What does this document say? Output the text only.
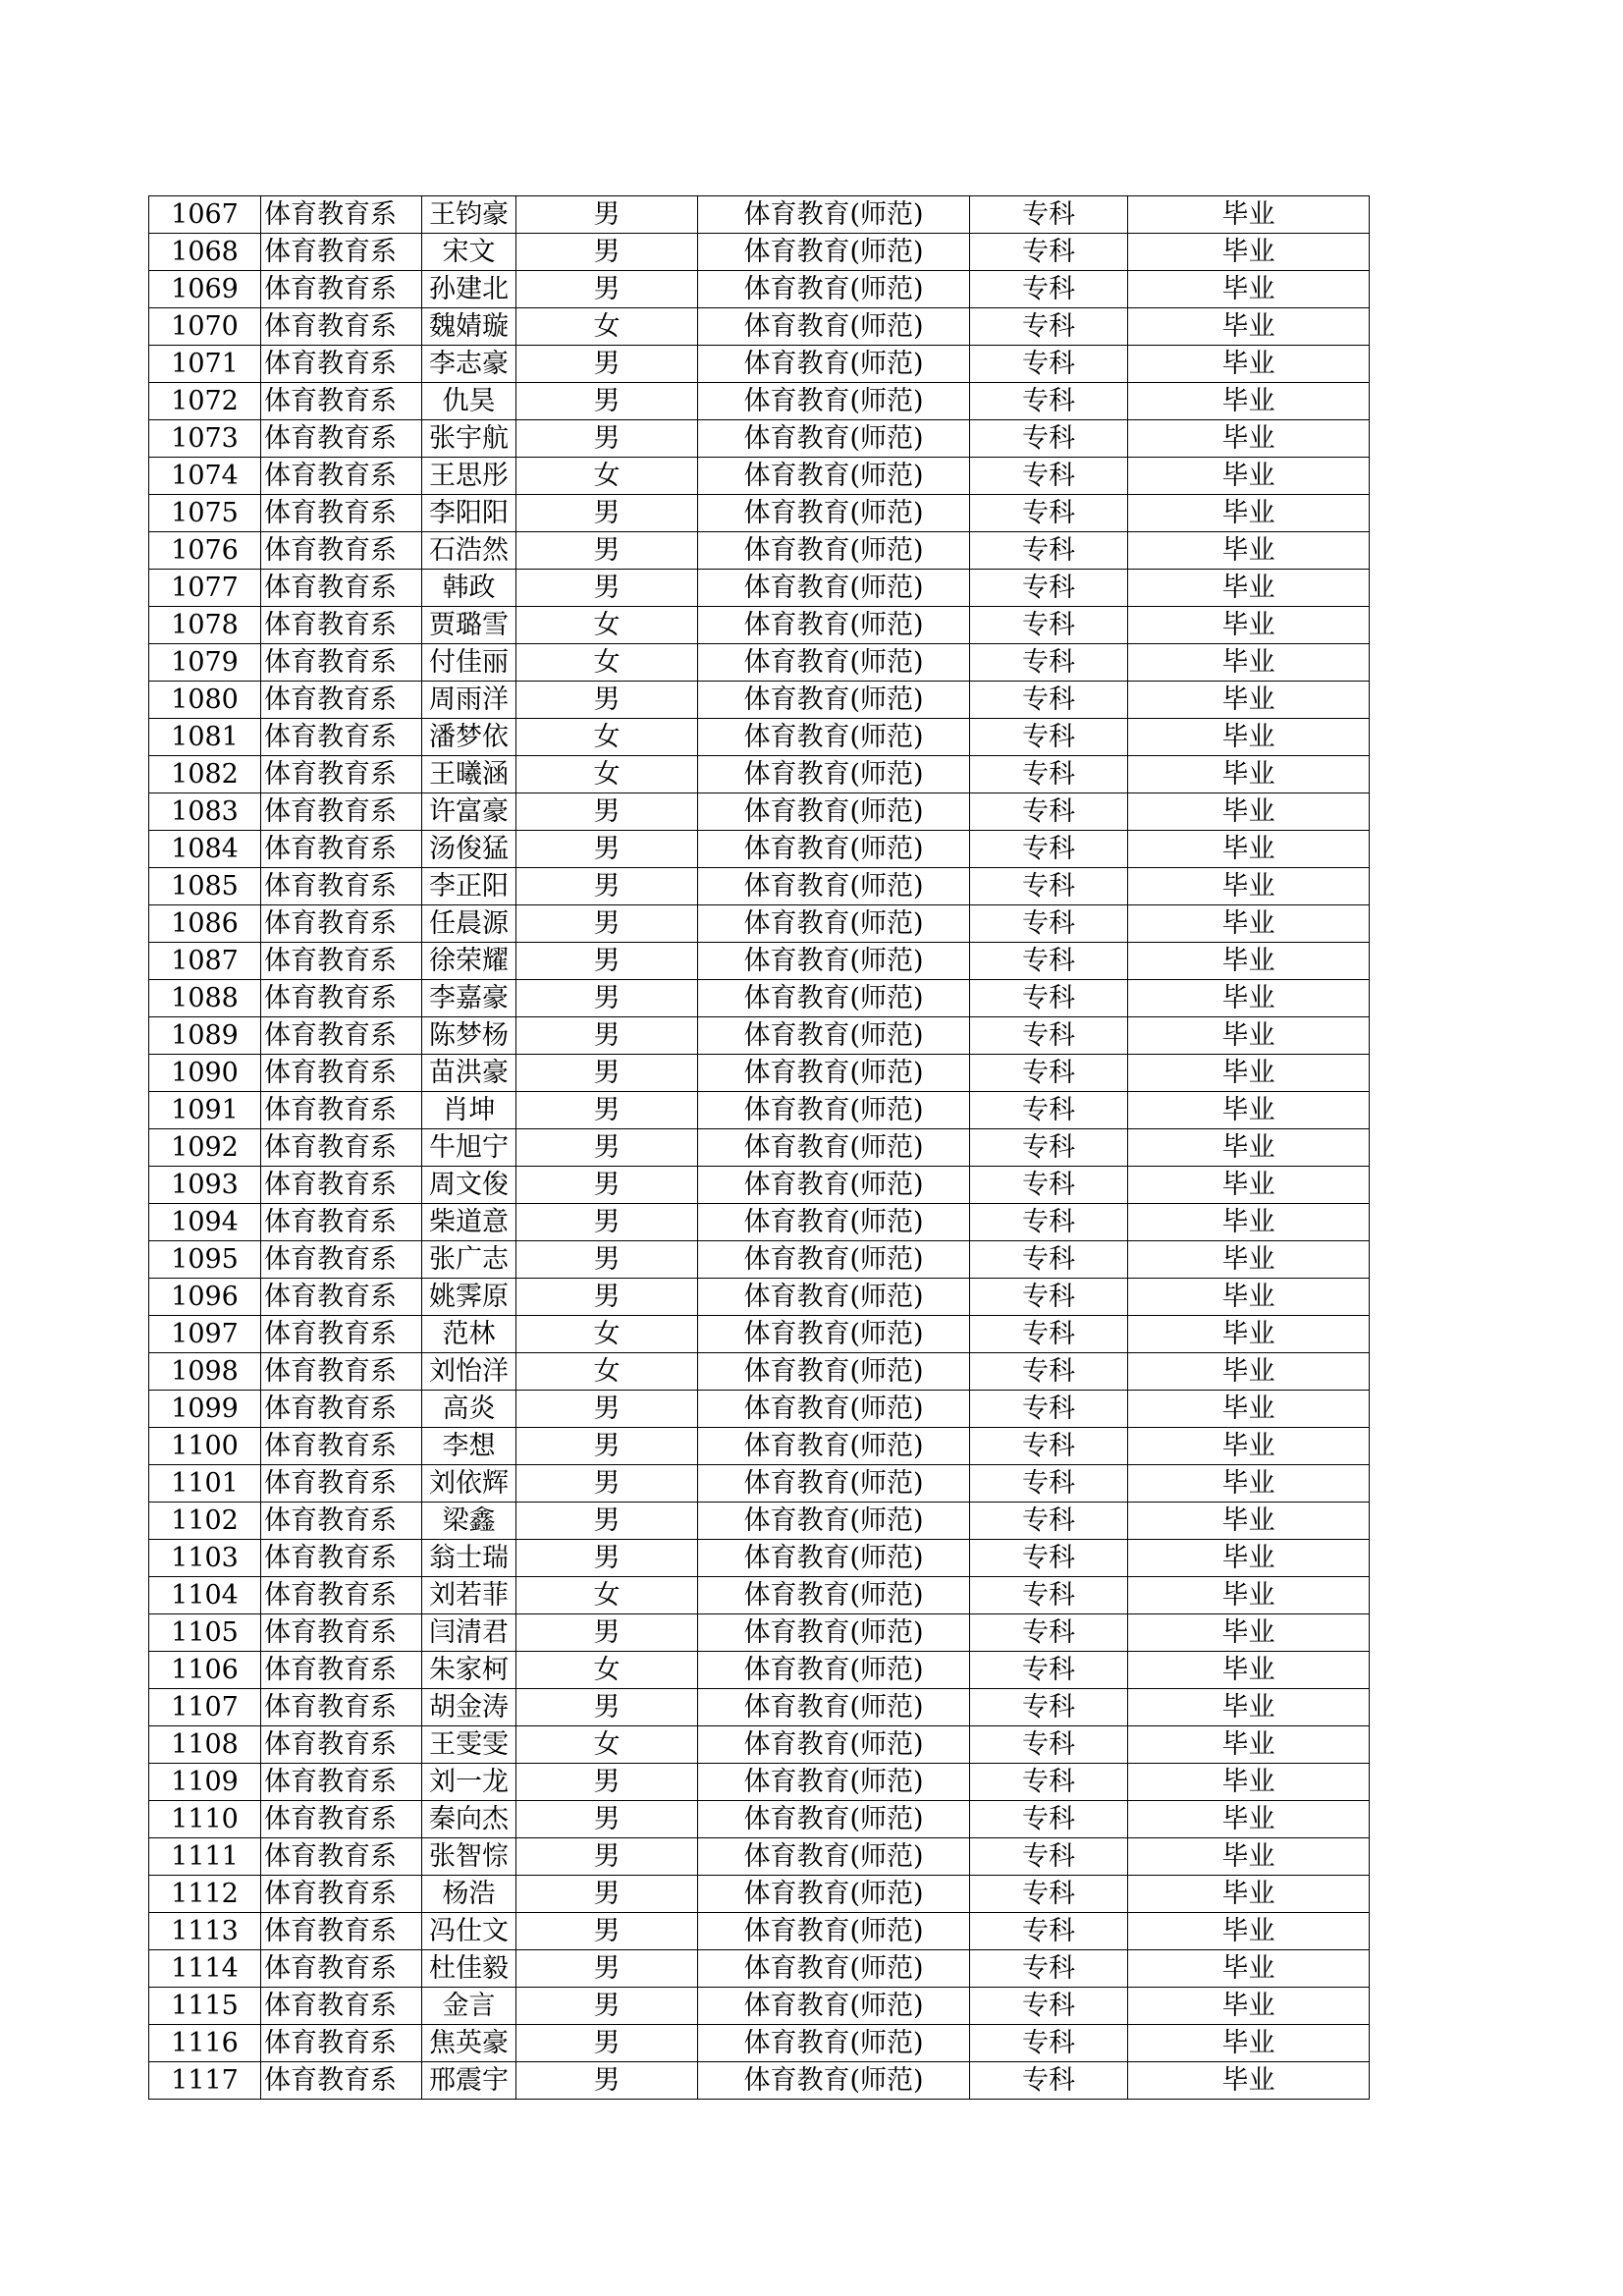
1067	体育教育系	王钧豪	男	体育教育(师范)	专科	毕业
1068	体育教育系	宋文	男	体育教育(师范)	专科	毕业
1069	体育教育系	孙建北	男	体育教育(师范)	专科	毕业
1070	体育教育系	魏婧璇	女	体育教育(师范)	专科	毕业
1071	体育教育系	李志豪	男	体育教育(师范)	专科	毕业
1072	体育教育系	仇昊	男	体育教育(师范)	专科	毕业
1073	体育教育系	张宇航	男	体育教育(师范)	专科	毕业
1074	体育教育系	王思彤	女	体育教育(师范)	专科	毕业
1075	体育教育系	李阳阳	男	体育教育(师范)	专科	毕业
1076	体育教育系	石浩然	男	体育教育(师范)	专科	毕业
1077	体育教育系	韩政	男	体育教育(师范)	专科	毕业
1078	体育教育系	贾璐雪	女	体育教育(师范)	专科	毕业
1079	体育教育系	付佳丽	女	体育教育(师范)	专科	毕业
1080	体育教育系	周雨洋	男	体育教育(师范)	专科	毕业
1081	体育教育系	潘梦依	女	体育教育(师范)	专科	毕业
1082	体育教育系	王曦涵	女	体育教育(师范)	专科	毕业
1083	体育教育系	许富豪	男	体育教育(师范)	专科	毕业
1084	体育教育系	汤俊猛	男	体育教育(师范)	专科	毕业
1085	体育教育系	李正阳	男	体育教育(师范)	专科	毕业
1086	体育教育系	任晨源	男	体育教育(师范)	专科	毕业
1087	体育教育系	徐荣耀	男	体育教育(师范)	专科	毕业
1088	体育教育系	李嘉豪	男	体育教育(师范)	专科	毕业
1089	体育教育系	陈梦杨	男	体育教育(师范)	专科	毕业
1090	体育教育系	苗洪豪	男	体育教育(师范)	专科	毕业
1091	体育教育系	肖坤	男	体育教育(师范)	专科	毕业
1092	体育教育系	牛旭宁	男	体育教育(师范)	专科	毕业
1093	体育教育系	周文俊	男	体育教育(师范)	专科	毕业
1094	体育教育系	柴道意	男	体育教育(师范)	专科	毕业
1095	体育教育系	张广志	男	体育教育(师范)	专科	毕业
1096	体育教育系	姚霁原	男	体育教育(师范)	专科	毕业
1097	体育教育系	范林	女	体育教育(师范)	专科	毕业
1098	体育教育系	刘怡洋	女	体育教育(师范)	专科	毕业
1099	体育教育系	高炎	男	体育教育(师范)	专科	毕业
1100	体育教育系	李想	男	体育教育(师范)	专科	毕业
1101	体育教育系	刘依辉	男	体育教育(师范)	专科	毕业
1102	体育教育系	梁鑫	男	体育教育(师范)	专科	毕业
1103	体育教育系	翁士瑞	男	体育教育(师范)	专科	毕业
1104	体育教育系	刘若菲	女	体育教育(师范)	专科	毕业
1105	体育教育系	闫清君	男	体育教育(师范)	专科	毕业
1106	体育教育系	朱家柯	女	体育教育(师范)	专科	毕业
1107	体育教育系	胡金涛	男	体育教育(师范)	专科	毕业
1108	体育教育系	王雯雯	女	体育教育(师范)	专科	毕业
1109	体育教育系	刘一龙	男	体育教育(师范)	专科	毕业
1110	体育教育系	秦向杰	男	体育教育(师范)	专科	毕业
1111	体育教育系	张智悰	男	体育教育(师范)	专科	毕业
1112	体育教育系	杨浩	男	体育教育(师范)	专科	毕业
1113	体育教育系	冯仕文	男	体育教育(师范)	专科	毕业
1114	体育教育系	杜佳毅	男	体育教育(师范)	专科	毕业
1115	体育教育系	金言	男	体育教育(师范)	专科	毕业
1116	体育教育系	焦英豪	男	体育教育(师范)	专科	毕业
1117	体育教育系	邢震宇	男	体育教育(师范)	专科	毕业
